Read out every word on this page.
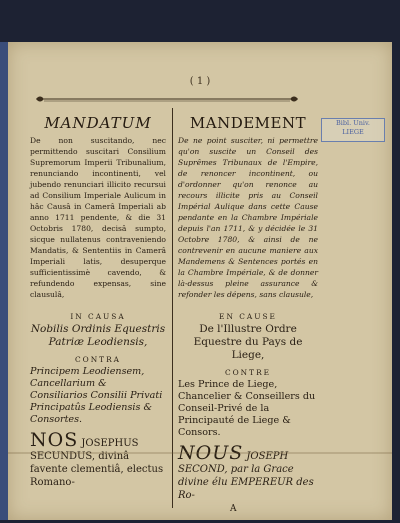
( 1 )
Bibl. Univ.
LIEGE
MANDATUM

De non suscitando, nec permittendo suscitari Consilium Supremorum Imperii Tribunalium, renunciando incontinenti, vel jubendo renunciari illicito recursui ad Consilium Imperiale Aulicum in hâc Causâ in Camerâ Imperiali ab anno 1711 pendente, & die 31 Octobris 1780, decisâ sumpto, sicque nullatenus contraveniendo Mandatis, & Sententiis in Camerâ Imperiali latis, desuperque sufficientissimè cavendo, & refundendo expensas, sine clausulâ,

IN CAUSA
Nobilis Ordinis Equestris Patriæ Leodiensis,
CONTRA
Principem Leodiensem, Cancellarium & Consiliarios Consilii Privati Principatûs Leodiensis & Consortes.

NOS JOSEPHUS SECUNDUS, divinâ favente clementiâ, electus Romano-

MANDEMENT

De ne point susciter, ni permettre qu'on suscite un Conseil des Suprêmes Tribunaux de l'Empire, de renoncer incontinent, ou d'ordonner qu'on renonce au recours illicite pris au Conseil Impérial Aulique dans cette Cause pendante en la Chambre Impériale depuis l'an 1711, & y décidée le 31 Octobre 1780, & ainsi de ne contrevenir en aucune maniere aux Mandemens & Sentences portés en la Chambre Impériale, & de donner là-dessus pleine assurance & refonder les dépens, sans clausule,

EN CAUSE
De l'Illustre Ordre Equestre du Pays de Liege,
CONTRE
Les Prince de Liege, Chancelier & Conseillers du Conseil-Privé de la Principauté de Liege & Consors.

NOUS JOSEPH SECOND, par la Grace divine élu EMPEREUR des Ro-

A
